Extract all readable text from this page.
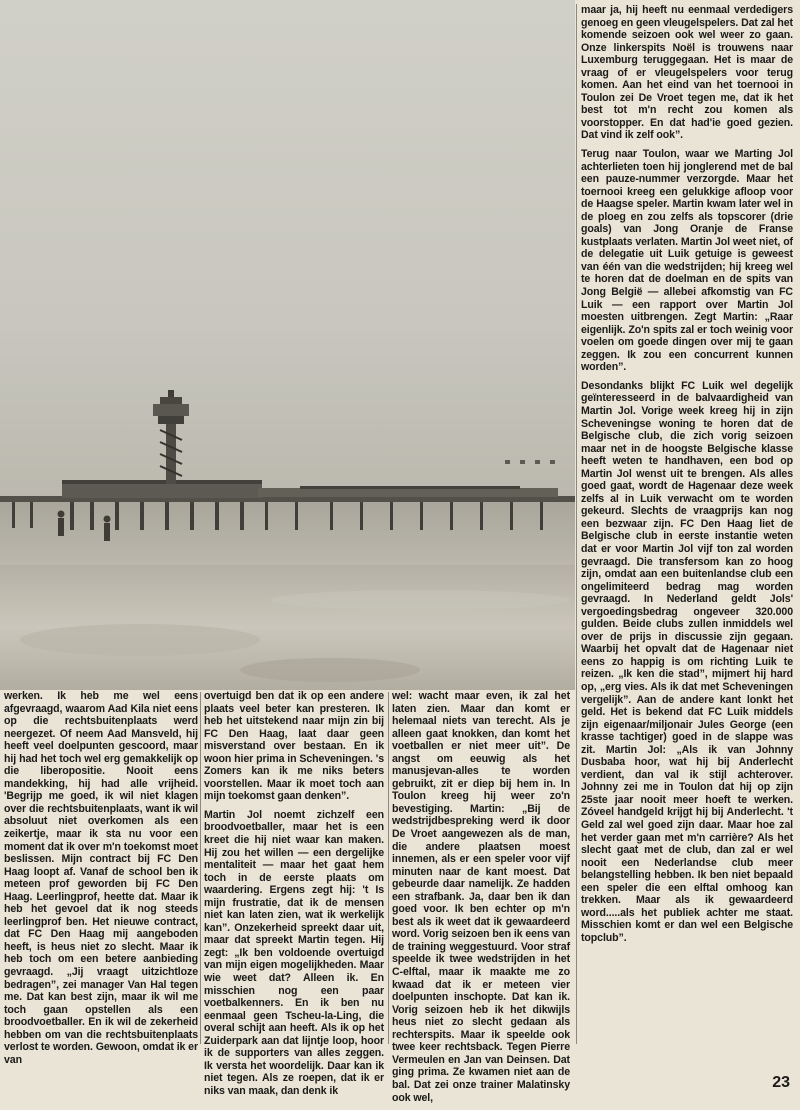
werken. Ik heb me wel eens afgevraagd, waarom Aad Kila niet eens op die rechtsbuitenplaats werd neergezet. Of neem Aad Mansveld, hij heeft veel doelpunten gescoord, maar hij had het toch wel erg gemakkelijk op die liberopositie. Nooit eens mandekking, hij had alle vrijheid. 'Begrijp me goed, ik wil niet klagen over die rechtsbuitenplaats, want ik wil absoluut niet overkomen als een zeikertje, maar ik sta nu voor een moment dat ik over m'n toekomst moet beslissen. Mijn contract bij FC Den Haag loopt af. Vanaf de school ben ik meteen prof geworden bij FC Den Haag. Leerlingprof, heette dat. Maar ik heb het gevoel dat ik nog steeds leerlingprof ben. Het nieuwe contract, dat FC Den Haag mij aangeboden heeft, is heus niet zo slecht. Maar ik heb toch om een betere aanbieding gevraagd. „Jij vraagt uitzichtloze bedragen”, zei manager Van Hal tegen me. Dat kan best zijn, maar ik wil me toch gaan opstellen als een broodvoetballer. En ik wil de zekerheid hebben om van die rechtsbuitenplaats verlost te worden. Gewoon, omdat ik er van

overtuigd ben dat ik op een andere plaats veel beter kan presteren. Ik heb het uitstekend naar mijn zin bij FC Den Haag, laat daar geen misverstand over bestaan. En ik woon hier prima in Scheveningen. 's Zomers kan ik me niks beters voorstellen. Maar ik moet toch aan mijn toekomst gaan denken”.

Martin Jol noemt zichzelf een broodvoetballer, maar het is een kreet die hij niet waar kan maken. Hij zou het willen — een dergelijke mentaliteit — maar het gaat hem toch in de eerste plaats om waardering. Ergens zegt hij: 't Is mijn frustratie, dat ik de mensen niet kan laten zien, wat ik werkelijk kan”. Onzekerheid spreekt daar uit, maar dat spreekt Martin tegen. Hij zegt: „Ik ben voldoende overtuigd van mijn eigen mogelijkheden. Maar wie weet dat? Alleen ik. En misschien nog een paar voetbalkenners. En ik ben nu eenmaal geen Tscheu-la-Ling, die overal schijt aan heeft. Als ik op het Zuiderpark aan dat lijntje loop, hoor ik de supporters van alles zeggen. Ik versta het woordelijk. Daar kan ik niet tegen. Als ze roepen, dat ik er niks van maak, dan denk ik

wel: wacht maar even, ik zal het laten zien. Maar dan komt er helemaal niets van terecht. Als je alleen gaat knokken, dan komt het voetballen er niet meer uit”. De angst om eeuwig als het manusjevan-alles te worden gebruikt, zit er diep bij hem in. In Toulon kreeg hij weer zo'n bevestiging. Martin: „Bij de wedstrijdbespreking werd ik door De Vroet aangewezen als de man, die andere plaatsen moest innemen, als er een speler voor vijf minuten naar de kant moest. Dat gebeurde daar namelijk. Ze hadden een strafbank. Ja, daar ben ik dan goed voor. Ik ben echter op m'n best als ik weet dat ik gewaardeerd word. Vorig seizoen ben ik eens van de training weggestuurd. Voor straf speelde ik twee wedstrijden in het C-elftal, maar ik maakte me zo kwaad dat ik er meteen vier doelpunten inschopte. Dat kan ik. Vorig seizoen heb ik het dikwijls heus niet zo slecht gedaan als rechterspits. Maar ik speelde ook twee keer rechtsback. Tegen Pierre Vermeulen en Jan van Deinsen. Dat ging prima. Ze kwamen niet aan de bal. Dat zei onze trainer Malatinsky ook wel,

maar ja, hij heeft nu eenmaal verdedigers genoeg en geen vleugelspelers. Dat zal het komende seizoen ook wel weer zo gaan. Onze linkerspits Noël is trouwens naar Luxemburg teruggegaan. Het is maar de vraag of er vleugelspelers voor terug komen. Aan het eind van het toernooi in Toulon zei De Vroet tegen me, dat ik het best tot m'n recht zou komen als voorstopper. En dat had'ie goed gezien. Dat vind ik zelf ook”.

Terug naar Toulon, waar we Marting Jol achterlieten toen hij jonglerend met de bal een pauze-nummer verzorgde. Maar het toernooi kreeg een gelukkige afloop voor de Haagse speler. Martin kwam later wel in de ploeg en zou zelfs als topscorer (drie goals) van Jong Oranje de Franse kustplaats verlaten. Martin Jol weet niet, of de delegatie uit Luik getuige is geweest van één van die wedstrijden; hij kreeg wel te horen dat de doelman en de spits van Jong België — allebei afkomstig van FC Luik — een rapport over Martin Jol moesten uitbrengen. Zegt Martin: „Raar eigenlijk. Zo'n spits zal er toch weinig voor voelen om goede dingen over mij te gaan zeggen. Ik zou een concurrent kunnen worden”.

Desondanks blijkt FC Luik wel degelijk geïnteresseerd in de balvaardigheid van Martin Jol. Vorige week kreeg hij in zijn Scheveningse woning te horen dat de Belgische club, die zich vorig seizoen maar net in de hoogste Belgische klasse heeft weten te handhaven, een bod op Martin Jol wenst uit te brengen. Als alles goed gaat, wordt de Hagenaar deze week zelfs al in Luik verwacht om te worden gekeurd. Slechts de vraagprijs kan nog een bezwaar zijn. FC Den Haag liet de Belgische club in eerste instantie weten dat er voor Martin Jol vijf ton zal worden gevraagd. Die transfersom kan zo hoog zijn, omdat aan een buitenlandse club een ongelimiteerd bedrag mag worden gevraagd. In Nederland geldt Jols' vergoedingsbedrag ongeveer 320.000 gulden. Beide clubs zullen inmiddels wel over de prijs in discussie zijn gegaan. Waarbij het opvalt dat de Hagenaar niet eens zo happig is om richting Luik te reizen. „Ik ken die stad”, mijmert hij hard op, „erg vies. Als ik dat met Scheveningen vergelijk”. Aan de andere kant lonkt het geld. Het is bekend dat FC Luik middels zijn eigenaar/miljonair Jules George (een krasse tachtiger) goed in de slappe was zit. Martin Jol: „Als ik van Johnny Dusbaba hoor, wat hij bij Anderlecht verdient, dan val ik stijl achterover. Johnny zei me in Toulon dat hij op zijn 25ste jaar nooit meer hoeft te werken. Zóveel handgeld krijgt hij bij Anderlecht. 't Geld zal wel goed zijn daar. Maar hoe zal het verder gaan met m'n carrière? Als het slecht gaat met de club, dan zal er wel nooit een Nederlandse club meer belangstelling hebben. Ik ben niet bepaald een speler die een elftal omhoog kan trekken. Maar als ik gewaardeerd word.....als het publiek achter me staat. Misschien komt er dan wel een Belgische topclub”.

23
